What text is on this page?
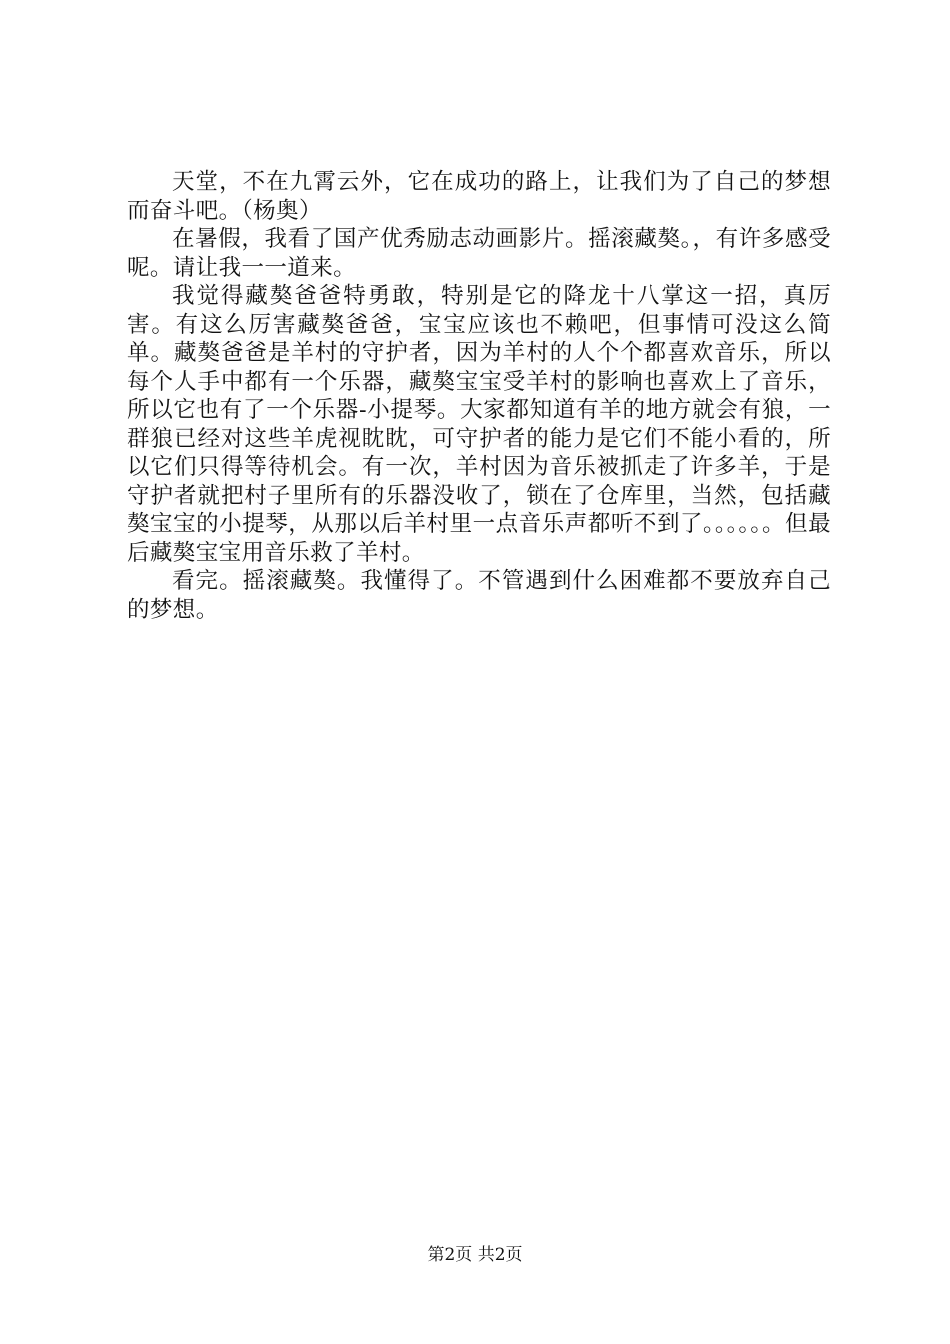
天堂，不在九霄云外，它在成功的路上，让我们为了自己的梦想而奋斗吧。（杨奥）

在暑假，我看了国产优秀励志动画影片。摇滚藏獒。，有许多感受呢。请让我一一道来。

我觉得藏獒爸爸特勇敢，特别是它的降龙十八掌这一招，真厉害。有这么厉害藏獒爸爸，宝宝应该也不赖吧，但事情可没这么简单。藏獒爸爸是羊村的守护者，因为羊村的人个个都喜欢音乐，所以每个人手中都有一个乐器，藏獒宝宝受羊村的影响也喜欢上了音乐，所以它也有了一个乐器-小提琴。大家都知道有羊的地方就会有狼，一群狼已经对这些羊虎视眈眈，可守护者的能力是它们不能小看的，所以它们只得等待机会。有一次，羊村因为音乐被抓走了许多羊，于是守护者就把村子里所有的乐器没收了，锁在了仓库里，当然，包括藏獒宝宝的小提琴，从那以后羊村里一点音乐声都听不到了。。。。。。但最后藏獒宝宝用音乐救了羊村。

看完。摇滚藏獒。我懂得了。不管遇到什么困难都不要放弃自己的梦想。

第2页 共2页
